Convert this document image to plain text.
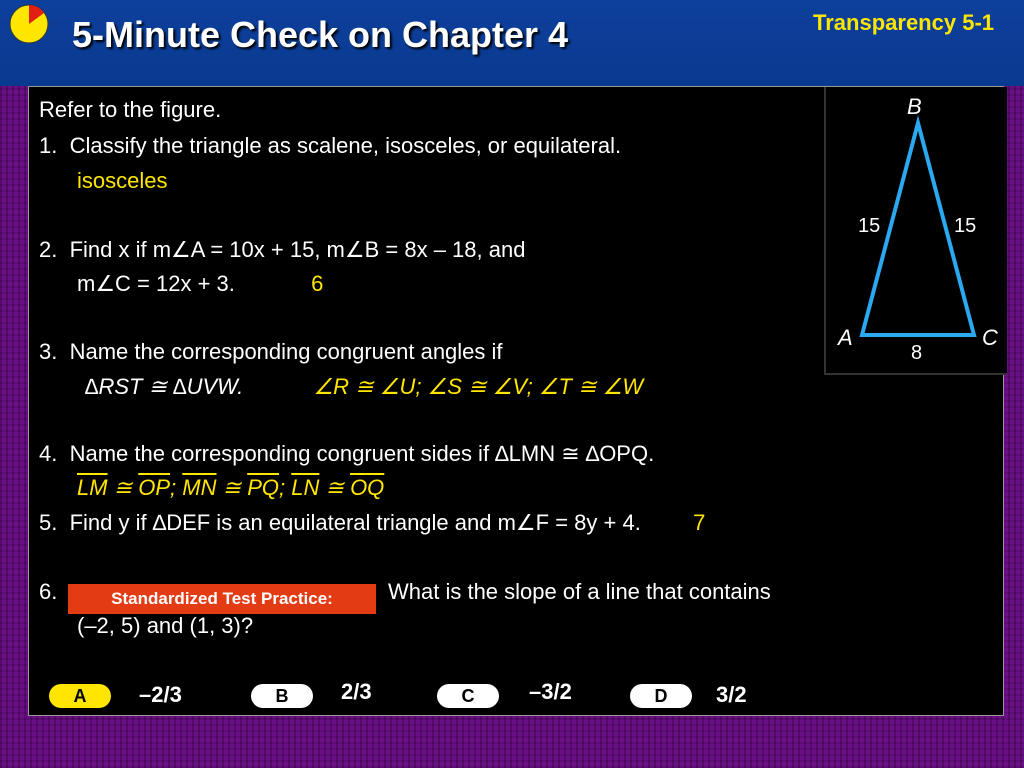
5-Minute Check on Chapter 4	Transparency 5-1
B
A	C
15	15
8
Refer to the figure.
1. Classify the triangle as scalene, isosceles, or equilateral.
isosceles
2. Find x if m∠A = 10x + 15, m∠B = 8x – 18, and
m∠C = 12x + 3.	6
3. Name the corresponding congruent angles if
∆RST ≅ ∆UVW.	∠R ≅ ∠U; ∠S ≅ ∠V; ∠T ≅ ∠W
4. Name the corresponding congruent sides if ∆LMN ≅ ∆OPQ.
$\overline{LM}$ ≅ $\overline{OP}$; $\overline{MN}$ ≅ $\overline{PQ}$; $\overline{LN}$ ≅ $\overline{OQ}$
5. Find y if ∆DEF is an equilateral triangle and m∠F = 8y + 4. 7
6.	Standardized Test Practice:	What is the slope of a line that contains
(–2, 5) and (1, 3)?
A	–2/3	B	2/3	C	–3/2	D	3/2
